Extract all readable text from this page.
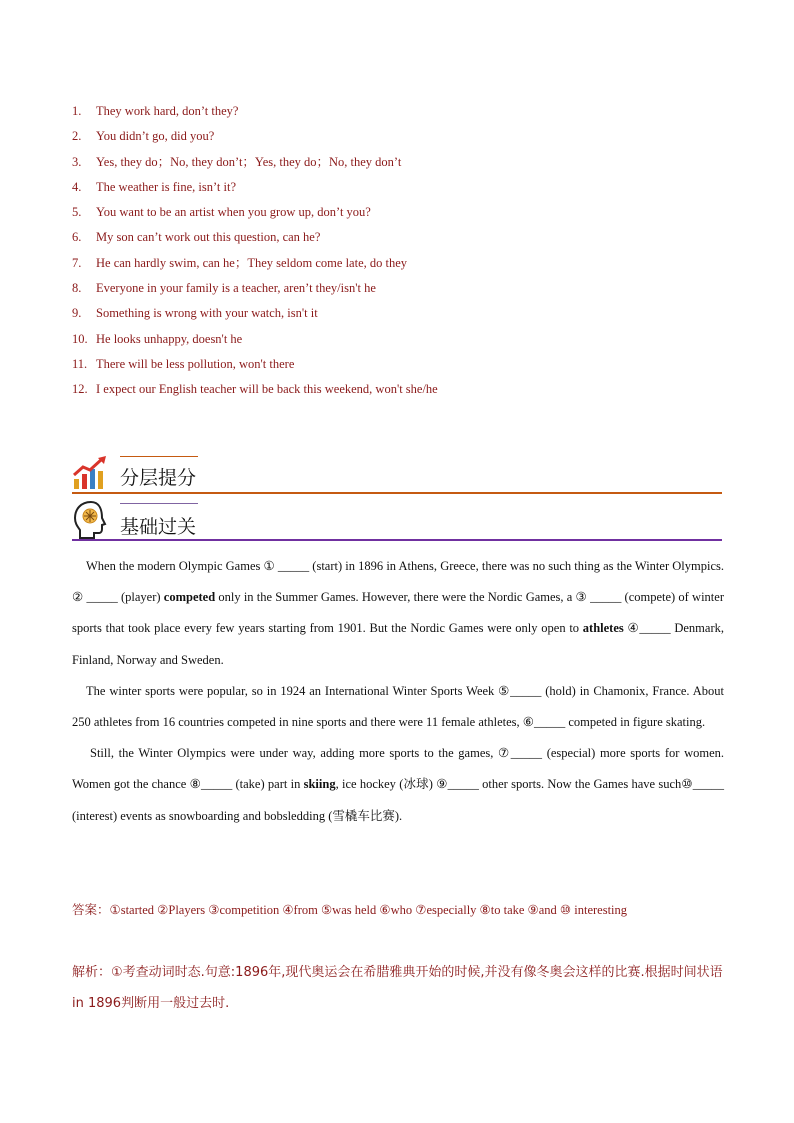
1. They work hard, don’t they?
2. You didn’t go, did you?
3. Yes, they do；No, they don’t；Yes, they do；No, they don’t
4. The weather is fine, isn’t it?
5. You want to be an artist when you grow up, don’t you?
6. My son can’t work out this question, can he?
7. He can hardly swim, can he；They seldom come late, do they
8. Everyone in your family is a teacher, aren’t they/isn't he
9. Something is wrong with your watch, isn't it
10. He looks unhappy, doesn't he
11. There will be less pollution, won't there
12. I expect our English teacher will be back this weekend, won't she/he
分层提分
基础过关

When the modern Olympic Games ① _____ (start) in 1896 in Athens, Greece, there was no such thing as the Winter Olympics. ② _____ (player) competed only in the Summer Games. However, there were the Nordic Games, a ③ _____ (compete) of winter sports that took place every few years starting from 1901. But the Nordic Games were only open to athletes ④_____ Denmark, Finland, Norway and Sweden.

The winter sports were popular, so in 1924 an International Winter Sports Week ⑤_____ (hold) in Chamonix, France. About 250 athletes from 16 countries competed in nine sports and there were 11 female athletes, ⑥_____ competed in figure skating.

Still, the Winter Olympics were under way, adding more sports to the games, ⑦_____ (especial) more sports for women. Women got the chance ⑧_____ (take) part in skiing, ice hockey (冰球) ⑨_____ other sports. Now the Games have such⑩_____ (interest) events as snowboarding and bobsledding (雪橇车比赛).

答案：①started ②Players ③competition ④from ⑤was held ⑥who ⑦especially ⑧to take ⑨and ⑩ interesting
解析：①考查动词时态.句意:1896年,现代奥运会在希腊雅典开始的时候,并没有像冬奥会这样的比赛.根据时间状语in 1896判断用一般过去时.
